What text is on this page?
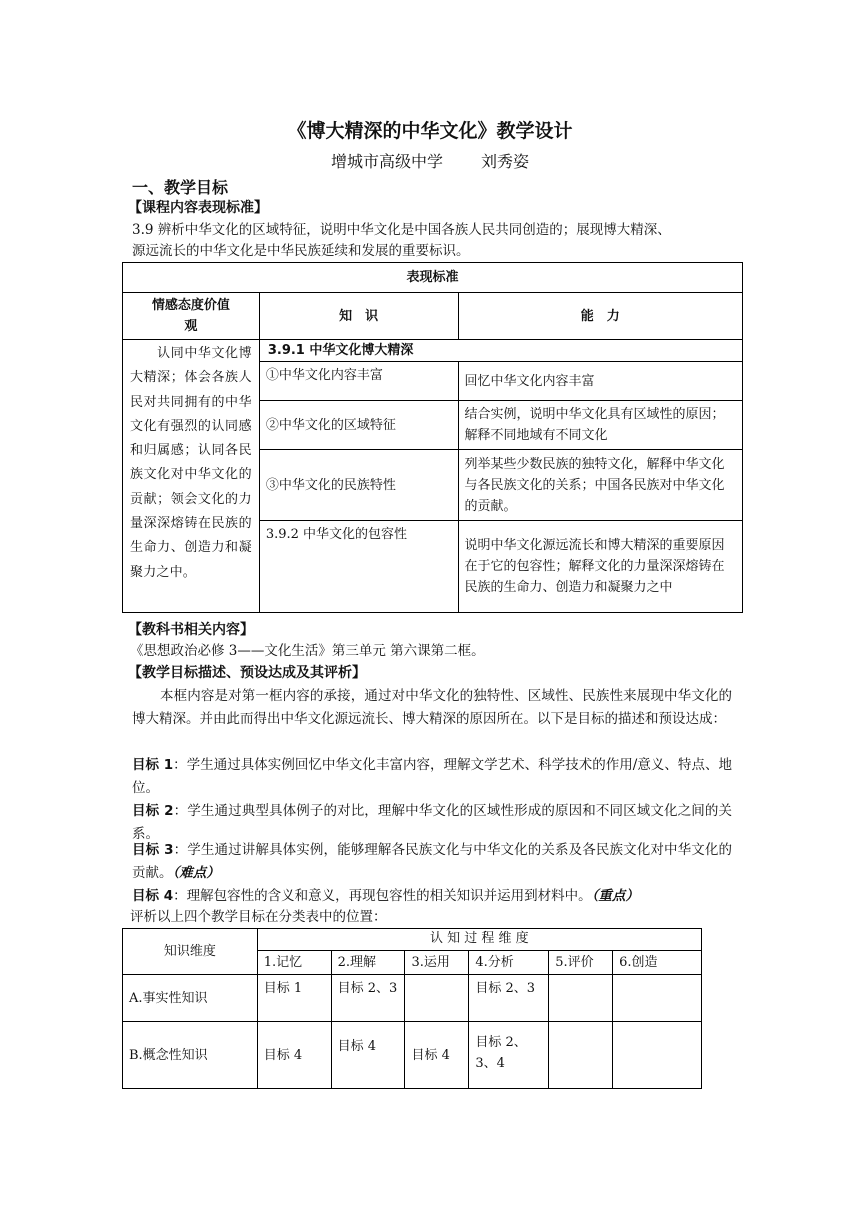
《博大精深的中华文化》教学设计
增城市高级中学 刘秀姿
一、教学目标
【课程内容表现标准】
3.9 辨析中华文化的区域特征，说明中华文化是中国各族人民共同创造的；展现博大精深、
源远流长的中华文化是中华民族延续和发展的重要标识。
表现标准		
情感态度价值观	知　识	能　力
　　认同中华文化博大精深；体会各族人民对共同拥有的中华文化有强烈的认同感和归属感；认同各民族文化对中华文化的贡献；领会文化的力量深深熔铸在民族的生命力、创造力和凝聚力之中。	3.9.1 中华文化博大精深	
	①中华文化内容丰富	回忆中华文化内容丰富
	②中华文化的区域特征	结合实例，说明中华文化具有区域性的原因；解释不同地域有不同文化
	③中华文化的民族特性	列举某些少数民族的独特文化，解释中华文化与各民族文化的关系；中国各民族对中华文化的贡献。
	3.9.2 中华文化的包容性	说明中华文化源远流长和博大精深的重要原因在于它的包容性；解释文化的力量深深熔铸在民族的生命力、创造力和凝聚力之中
【教科书相关内容】
《思想政治必修 3——文化生活》第三单元 第六课第二框。
【教学目标描述、预设达成及其评析】
本框内容是对第一框内容的承接，通过对中华文化的独特性、区域性、民族性来展现中华文化的博大精深。并由此而得出中华文化源远流长、博大精深的原因所在。以下是目标的描述和预设达成：
目标 1：学生通过具体实例回忆中华文化丰富内容，理解文学艺术、科学技术的作用/意义、特点、地位。
目标 2：学生通过典型具体例子的对比，理解中华文化的区域性形成的原因和不同区域文化之间的关系。
目标 3：学生通过讲解具体实例，能够理解各民族文化与中华文化的关系及各民族文化对中华文化的贡献。（难点）
目标 4：理解包容性的含义和意义，再现包容性的相关知识并运用到材料中。（重点）
评析以上四个教学目标在分类表中的位置：
知识维度	认 知 过 程 维 度					
	1.记忆	2.理解	3.运用	4.分析	5.评价	6.创造
A.事实性知识	目标 1	目标 2、3		目标 2、3		
B.概念性知识	目标 4	目标 4	目标 4	目标 2、3、4		
